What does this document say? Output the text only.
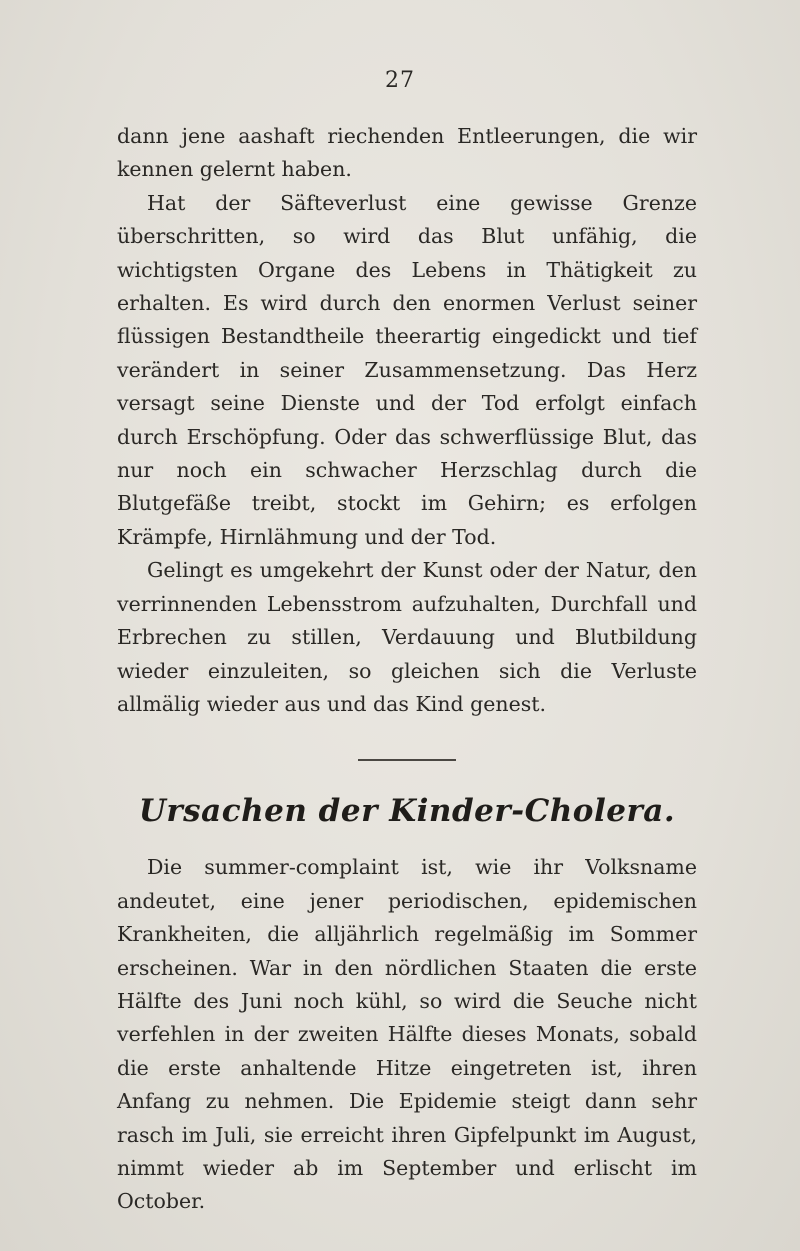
27

dann jene aashaft riechenden Entleerungen, die wir kennen gelernt haben.

Hat der Säfteverlust eine gewisse Grenze überschritten, so wird das Blut unfähig, die wichtigsten Organe des Lebens in Thätigkeit zu erhalten. Es wird durch den enormen Verlust seiner flüssigen Bestandtheile theerartig eingedickt und tief verändert in seiner Zusammensetzung. Das Herz versagt seine Dienste und der Tod erfolgt einfach durch Erschöpfung. Oder das schwerflüssige Blut, das nur noch ein schwacher Herzschlag durch die Blutgefäße treibt, stockt im Gehirn; es erfolgen Krämpfe, Hirnlähmung und der Tod.

Gelingt es umgekehrt der Kunst oder der Natur, den verrinnenden Lebensstrom aufzuhalten, Durchfall und Erbrechen zu stillen, Verdauung und Blutbildung wieder einzuleiten, so gleichen sich die Verluste allmälig wieder aus und das Kind genest.

Ursachen der Kinder-Cholera.

Die summer-complaint ist, wie ihr Volksname andeutet, eine jener periodischen, epidemischen Krankheiten, die alljährlich regelmäßig im Sommer erscheinen. War in den nördlichen Staaten die erste Hälfte des Juni noch kühl, so wird die Seuche nicht verfehlen in der zweiten Hälfte dieses Monats, sobald die erste anhaltende Hitze eingetreten ist, ihren Anfang zu nehmen. Die Epidemie steigt dann sehr rasch im Juli, sie erreicht ihren Gipfelpunkt im August, nimmt wieder ab im September und erlischt im October.
